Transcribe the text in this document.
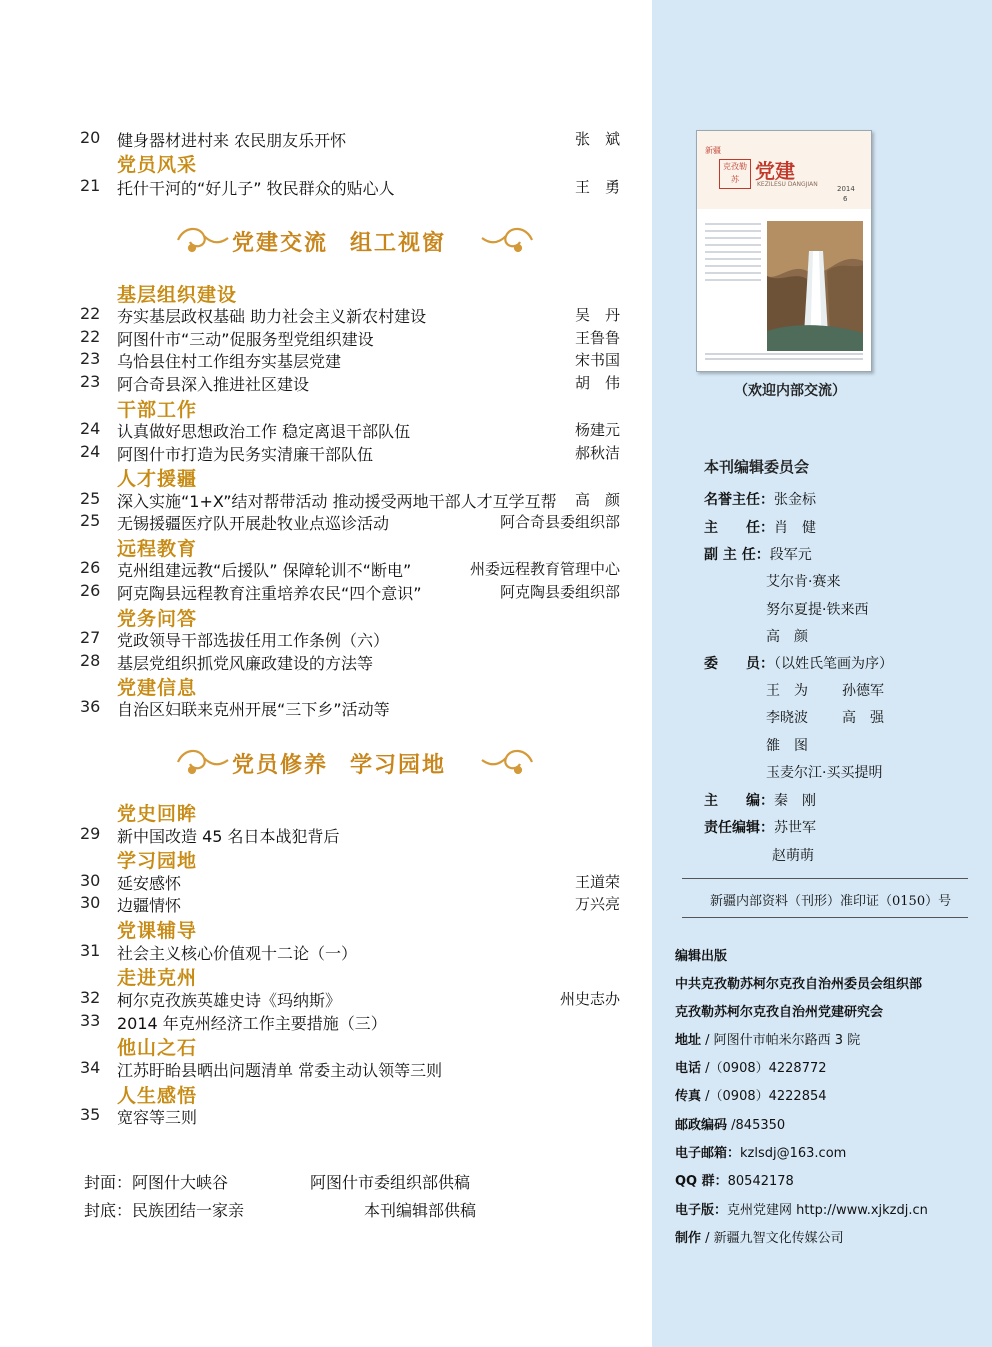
20	健身器材进村来 农民朋友乐开怀	张　斌
党员风采
21	托什干河的“好儿子” 牧民群众的贴心人	王　勇
党建交流 组工视窗
基层组织建设
22	夯实基层政权基础 助力社会主义新农村建设	吴　丹
22	阿图什市“三动”促服务型党组织建设	王鲁鲁
23	乌恰县住村工作组夯实基层党建	宋书国
23	阿合奇县深入推进社区建设	胡　伟
干部工作
24	认真做好思想政治工作 稳定离退干部队伍	杨建元
24	阿图什市打造为民务实清廉干部队伍	郝秋洁
人才援疆
25	深入实施“1+X”结对帮带活动 推动援受两地干部人才互学互帮 高　颜
25	无锡援疆医疗队开展赴牧业点巡诊活动	阿合奇县委组织部
远程教育
26	克州组建远教“后援队” 保障轮训不“断电”	州委远程教育管理中心
26	阿克陶县远程教育注重培养农民“四个意识”	阿克陶县委组织部
党务问答
27	党政领导干部选拔任用工作条例（六）
28	基层党组织抓党风廉政建设的方法等
党建信息
36	自治区妇联来克州开展“三下乡”活动等
党员修养 学习园地
党史回眸
29	新中国改造 45 名日本战犯背后
学习园地
30	延安感怀	王道荣
30	边疆情怀	万兴亮
党课辅导
31	社会主义核心价值观十二论（一）
走进克州
32	柯尔克孜族英雄史诗《玛纳斯》	州史志办
33	2014 年克州经济工作主要措施（三）
他山之石
34	江苏盱眙县晒出问题清单 常委主动认领等三则
人生感悟
35	宽容等三则
封面：阿图什大峡谷	阿图什市委组织部供稿
封底：民族团结一家亲	本刊编辑部供稿
新疆
克孜勒苏 党建
KEZILESU DANGJIAN
2014
6
（欢迎内部交流）
本刊编辑委员会
名誉主任：张金标
主　　任：肖　健
副 主 任：段军元
艾尔肯·赛来
努尔夏提·铁来西
高　颜
委　　员：（以姓氏笔画为序）
王　为 孙德军
李晓波 高　强
雒　图
玉麦尔江·买买提明
主　　编：秦　刚
责任编辑：苏世军
赵萌萌
新疆内部资料（刊形）准印证（0150）号
编辑出版
中共克孜勒苏柯尔克孜自治州委员会组织部
克孜勒苏柯尔克孜自治州党建研究会
地址 / 阿图什市帕米尔路西 3 院
电话 /（0908）4228772
传真 /（0908）4222854
邮政编码 /845350
电子邮箱：kzlsdj@163.com
QQ 群：80542178
电子版：克州党建网 http://www.xjkzdj.cn
制作 / 新疆九智文化传媒公司
